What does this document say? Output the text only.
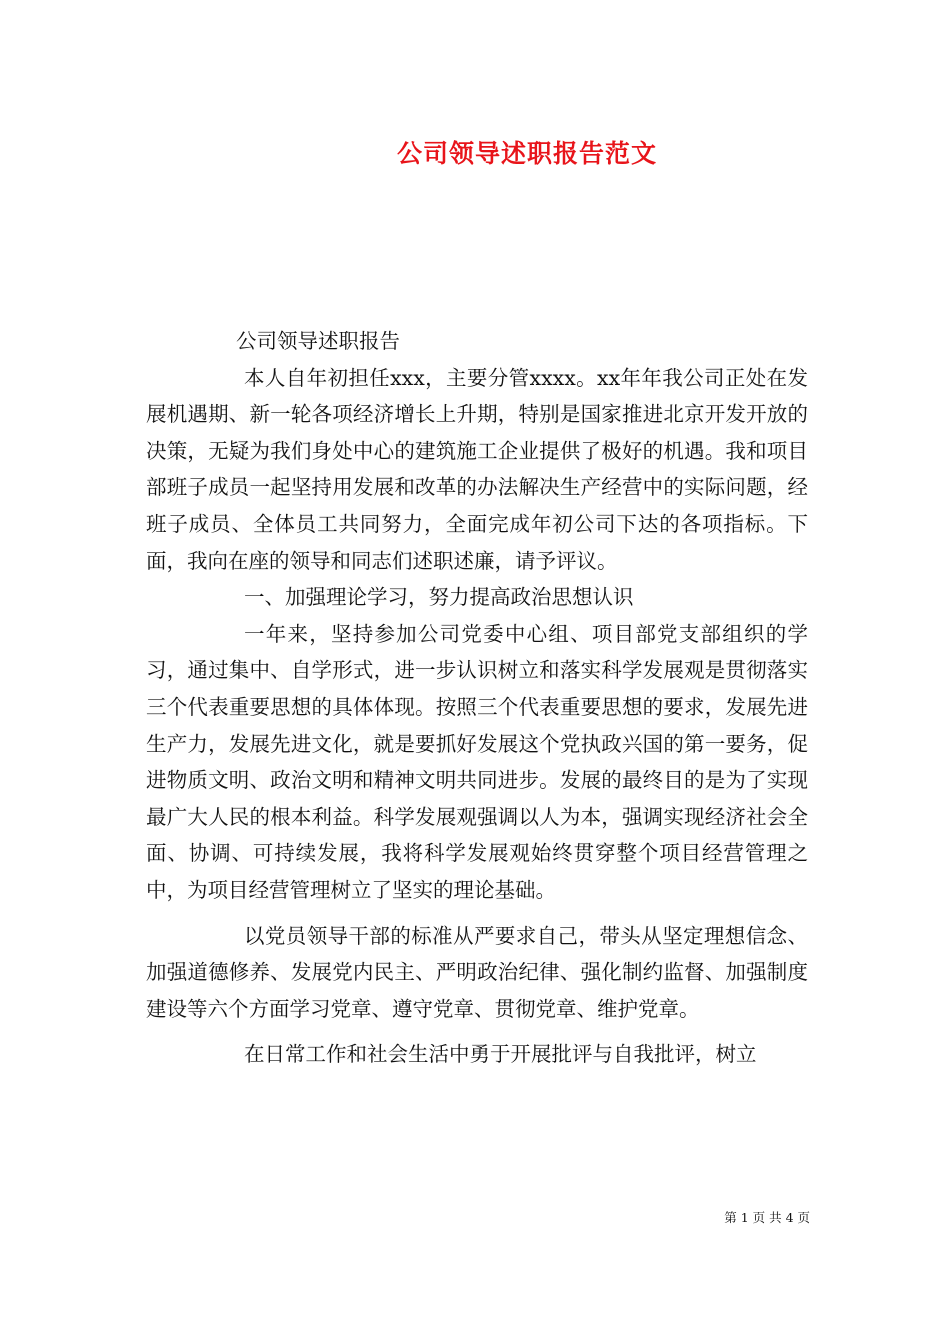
公司领导述职报告范文

公司领导述职报告

本人自年初担任xxx，主要分管xxxx。xx年年我公司正处在发展机遇期、新一轮各项经济增长上升期，特别是国家推进北京开发开放的决策，无疑为我们身处中心的建筑施工企业提供了极好的机遇。我和项目部班子成员一起坚持用发展和改革的办法解决生产经营中的实际问题，经班子成员、全体员工共同努力，全面完成年初公司下达的各项指标。下面，我向在座的领导和同志们述职述廉，请予评议。

一、加强理论学习，努力提高政治思想认识

一年来，坚持参加公司党委中心组、项目部党支部组织的学习，通过集中、自学形式，进一步认识树立和落实科学发展观是贯彻落实三个代表重要思想的具体体现。按照三个代表重要思想的要求，发展先进生产力，发展先进文化，就是要抓好发展这个党执政兴国的第一要务，促进物质文明、政治文明和精神文明共同进步。发展的最终目的是为了实现最广大人民的根本利益。科学发展观强调以人为本，强调实现经济社会全面、协调、可持续发展，我将科学发展观始终贯穿整个项目经营管理之中，为项目经营管理树立了坚实的理论基础。

以党员领导干部的标准从严要求自己，带头从坚定理想信念、加强道德修养、发展党内民主、严明政治纪律、强化制约监督、加强制度建设等六个方面学习党章、遵守党章、贯彻党章、维护党章。

在日常工作和社会生活中勇于开展批评与自我批评，树立

第 1 页 共 4 页
